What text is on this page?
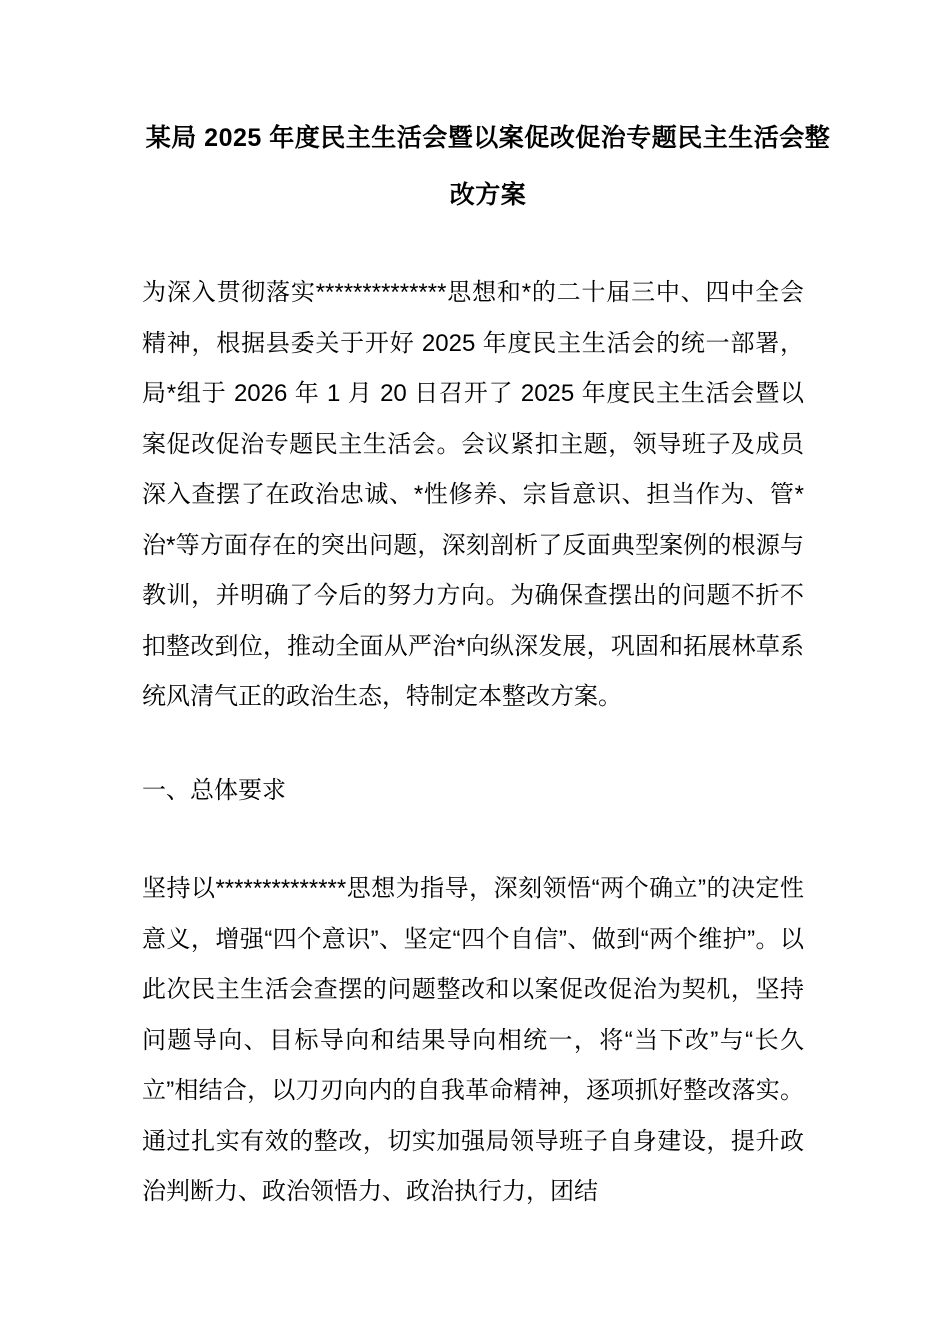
某局 2025 年度民主生活会暨以案促改促治专题民主生活会整改方案

为深入贯彻落实**************思想和*的二十届三中、四中全会精神，根据县委关于开好 2025 年度民主生活会的统一部署，局*组于 2026 年 1 月 20 日召开了 2025 年度民主生活会暨以案促改促治专题民主生活会。会议紧扣主题，领导班子及成员深入查摆了在政治忠诚、*性修养、宗旨意识、担当作为、管*治*等方面存在的突出问题，深刻剖析了反面典型案例的根源与教训，并明确了今后的努力方向。为确保查摆出的问题不折不扣整改到位，推动全面从严治*向纵深发展，巩固和拓展林草系统风清气正的政治生态，特制定本整改方案。

一、总体要求

坚持以**************思想为指导，深刻领悟“两个确立”的决定性意义，增强“四个意识”、坚定“四个自信”、做到“两个维护”。以此次民主生活会查摆的问题整改和以案促改促治为契机，坚持问题导向、目标导向和结果导向相统一，将“当下改”与“长久立”相结合，以刀刃向内的自我革命精神，逐项抓好整改落实。通过扎实有效的整改，切实加强局领导班子自身建设，提升政治判断力、政治领悟力、政治执行力，团结
